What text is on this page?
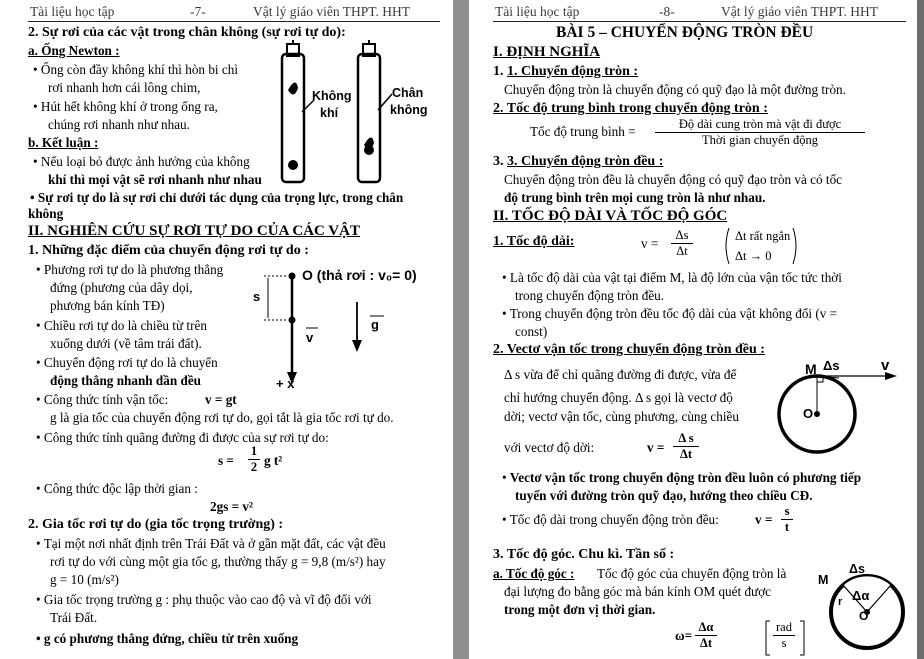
Tài liệu học tập	-7-	Vật lý giáo viên THPT. HHT
2. Sự rơi của các vật trong chân không (sự rơi tự do):
a. Ống Newton :
• Ống còn đầy không khí thì hòn bi chì
rơi nhanh hơn cái lông chim,
• Hút hết không khí ở trong ống ra,
chúng rơi nhanh như nhau.
Không
khí
Chân
không
b. Kết luận :
• Nếu loại bỏ được ảnh hưởng của không
khí thì mọi vật sẽ rơi nhanh như nhau
• Sự rơi tự do là sự rơi chỉ dưới tác dụng của trọng lực, trong chân
không
II. NGHIÊN CỨU SỰ RƠI TỰ DO CỦA CÁC VẬT
1. Những đặc điểm của chuyển động rơi tự do :
• Phương rơi tự do là phương thẳng
đứng (phương của dây dọi,
phương bán kính TĐ)
• Chiều rơi tự do là chiều từ trên
xuống dưới (về tâm trái đất).
• Chuyển động rơi tự do là chuyển
động thẳng nhanh dần đều
• Công thức tính vận tốc:	v = gt
g là gia tốc của chuyển động rơi tự do, gọi tắt là gia tốc rơi tự do.
• Công thức tính quãng đường đi được của sự rơi tự do:
$s = \frac{1}{2}$ g t²
• Công thức độc lập thời gian :
2gs = v²
O (thả rơi : v₀= 0)
s
v
g
+ x
2. Gia tốc rơi tự do (gia tốc trọng trường) :
• Tại một nơi nhất định trên Trái Đất và ở gần mặt đất, các vật đều
rơi tự do với cùng một gia tốc g, thường thấy g = 9,8 (m/s²) hay
g = 10 (m/s²)
• Gia tốc trọng trường g : phụ thuộc vào cao độ và vĩ độ đối với
Trái Đất.
• g có phương thẳng đứng, chiều từ trên xuống
Tài liệu học tập	-8-	Vật lý giáo viên THPT. HHT
BÀI 5 – CHUYỂN ĐỘNG TRÒN ĐỀU
I. ĐỊNH NGHĨA
1. 1. Chuyển động tròn :
Chuyển động tròn là chuyển động có quỹ đạo là một đường tròn.
2. Tốc độ trung bình trong chuyển động tròn :
Tốc độ trung bình =	Độ dài cung tròn mà vật đi được
Thời gian chuyển động
3. 3. Chuyển động tròn đều :
Chuyển động tròn đều là chuyển động có quỹ đạo tròn và có tốc
độ trung bình trên mọi cung tròn là như nhau.
II. TỐC ĐỘ DÀI VÀ TỐC ĐỘ GÓC
1. Tốc độ dài:	$v = \frac{\Delta s}{\Delta t}$	Δt rất ngắn
Δt → 0
• Là tốc độ dài của vật tại điểm M, là độ lớn của vận tốc tức thời
trong chuyển động tròn đều.
• Trong chuyển động tròn đều tốc độ dài của vật không đổi (v =
const)
2. Vectơ vận tốc trong chuyển động tròn đều :
Δ s vừa để chỉ quãng đường đi được, vừa để
chỉ hướng chuyển động. Δ s gọi là vectơ độ
dời; vectơ vận tốc, cùng phương, cùng chiều
với vectơ độ dời:	$v = \frac{\text{Δ s}}{\Delta t}$
M Δs	v
O
• Vectơ vận tốc trong chuyển động tròn đều luôn có phương tiếp
tuyến với đường tròn quỹ đạo, hướng theo chiều CĐ.
• Tốc độ dài trong chuyển động tròn đều:	$v = \frac{s}{t}$
3. Tốc độ góc. Chu kì. Tần số :
a. Tốc độ góc : Tốc độ góc của chuyển động tròn là
đại lượng đo bằng góc mà bán kính OM quét được
trong một đơn vị thời gian.
$\omega= \frac{\Delta\alpha}{\Delta t}$	rad
s
M
Δs
r Δα
O
